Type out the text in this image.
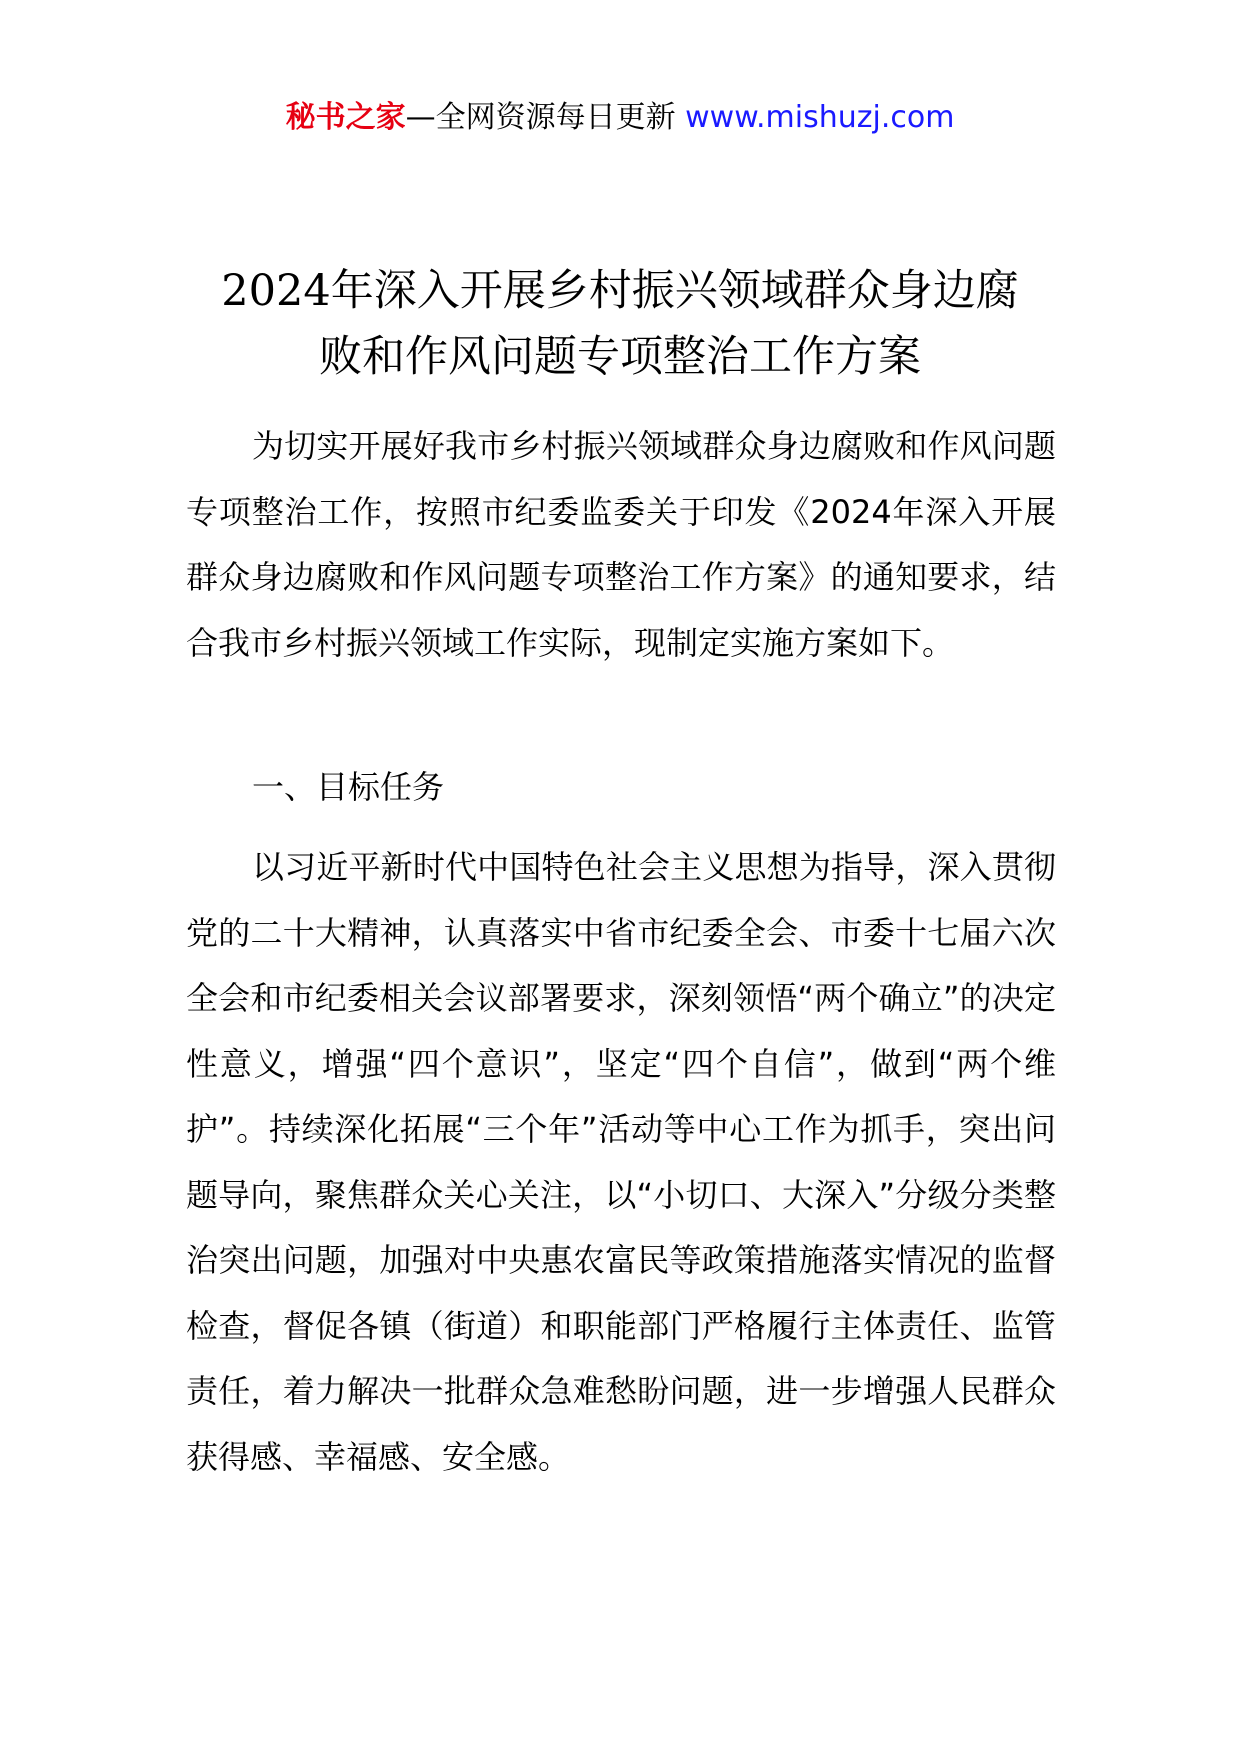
秘书之家—全网资源每日更新 www.mishuzj.com
2024年深入开展乡村振兴领域群众身边腐
败和作风问题专项整治工作方案

为切实开展好我市乡村振兴领域群众身边腐败和作风问题专项整治工作，按照市纪委监委关于印发《2024年深入开展群众身边腐败和作风问题专项整治工作方案》的通知要求，结合我市乡村振兴领域工作实际，现制定实施方案如下。

一、目标任务

以习近平新时代中国特色社会主义思想为指导，深入贯彻党的二十大精神，认真落实中省市纪委全会、市委十七届六次全会和市纪委相关会议部署要求，深刻领悟“两个确立”的决定性意义，增强“四个意识”，坚定“四个自信”，做到“两个维护”。持续深化拓展“三个年”活动等中心工作为抓手，突出问题导向，聚焦群众关心关注，以“小切口、大深入”分级分类整治突出问题，加强对中央惠农富民等政策措施落实情况的监督检查，督促各镇（街道）和职能部门严格履行主体责任、监管责任，着力解决一批群众急难愁盼问题，进一步增强人民群众获得感、幸福感、安全感。
